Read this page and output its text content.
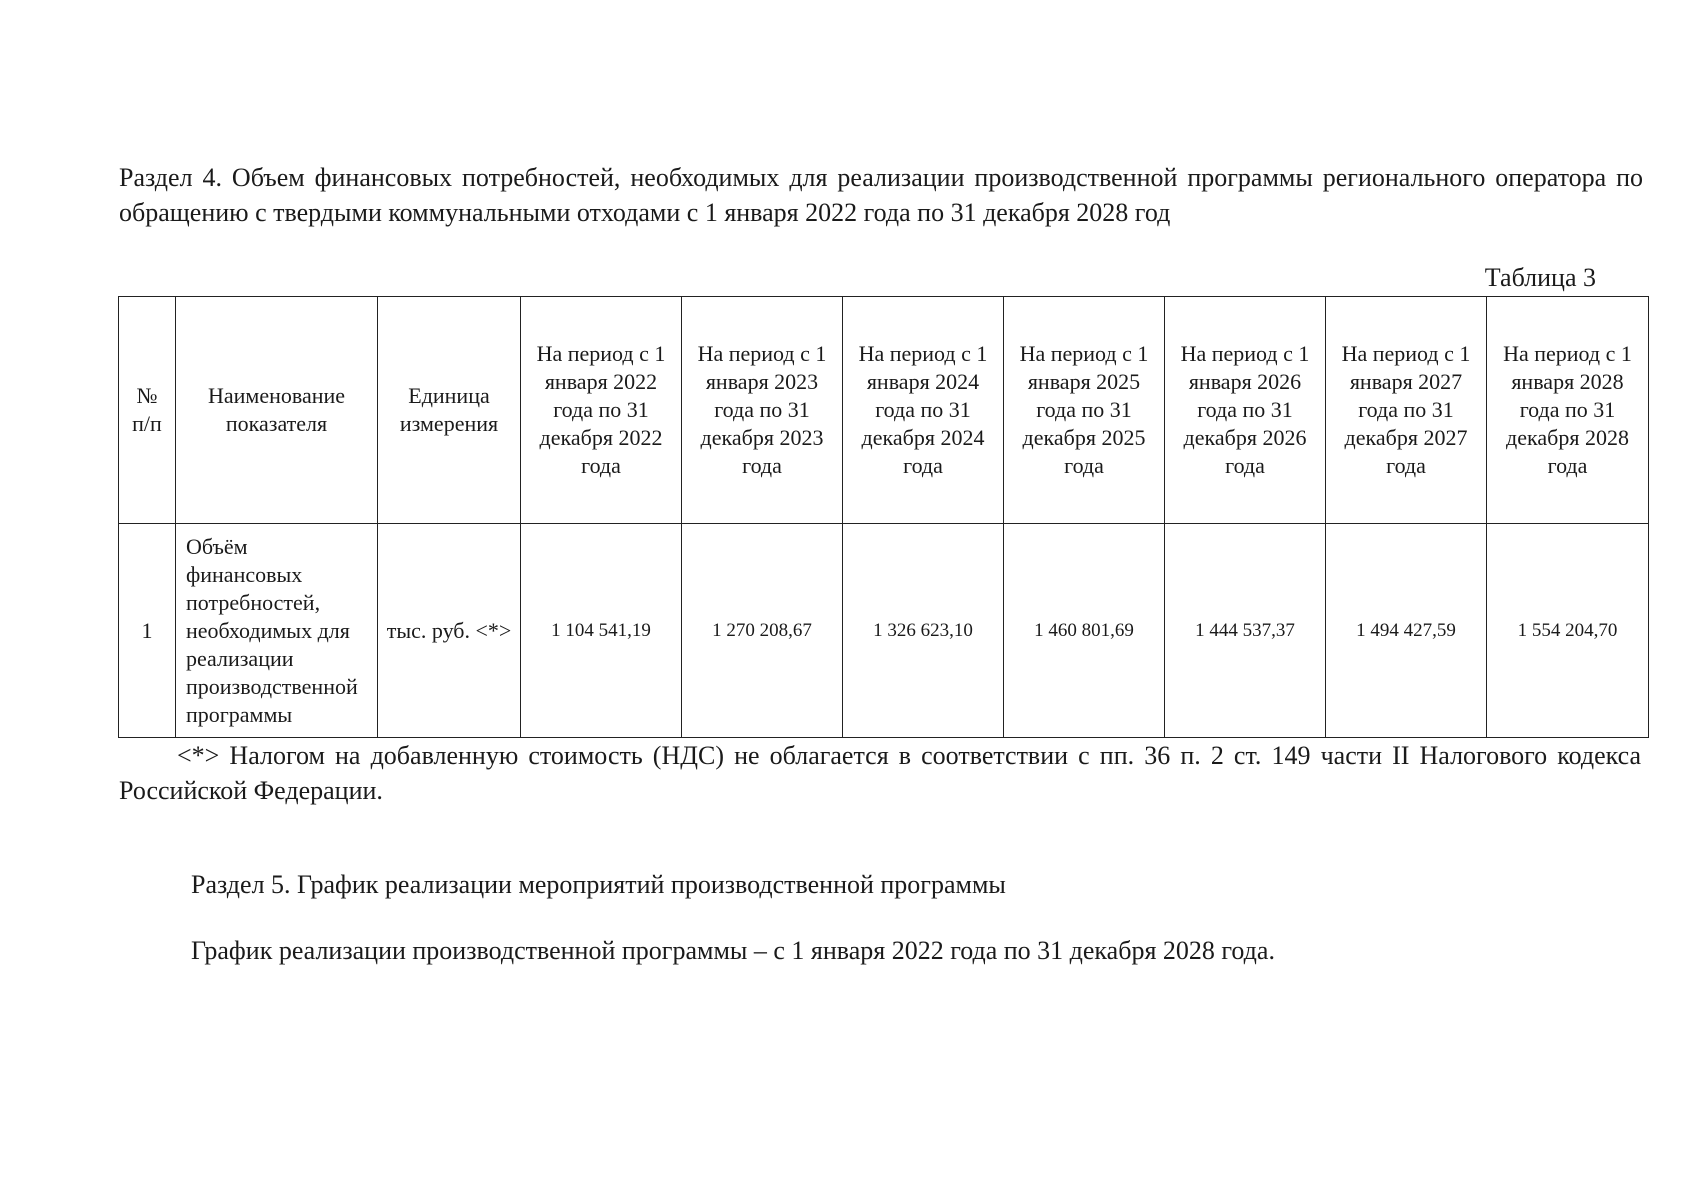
Раздел 4. Объем финансовых потребностей, необходимых для реализации производственной программы регионального оператора по обращению с твердыми коммунальными отходами с 1 января 2022 года по 31 декабря 2028 год
Таблица 3
№ п/п	Наименование показателя	Единица измерения	На период с 1 января 2022 года по 31 декабря 2022 года	На период с 1 января 2023 года по 31 декабря 2023 года	На период с 1 января 2024 года по 31 декабря 2024 года	На период с 1 января 2025 года по 31 декабря 2025 года	На период с 1 января 2026 года по 31 декабря 2026 года	На период с 1 января 2027 года по 31 декабря 2027 года	На период с 1 января 2028 года по 31 декабря 2028 года
1	Объём финансовых потребностей, необходимых для реализации производственной программы	тыс. руб. <*>	1 104 541,19	1 270 208,67	1 326 623,10	1 460 801,69	1 444 537,37	1 494 427,59	1 554 204,70
<*> Налогом на добавленную стоимость (НДС) не облагается в соответствии с пп. 36 п. 2 ст. 149 части II Налогового кодекса Российской Федерации.
Раздел 5. График реализации мероприятий производственной программы
График реализации производственной программы – с 1 января 2022 года по 31 декабря 2028 года.
